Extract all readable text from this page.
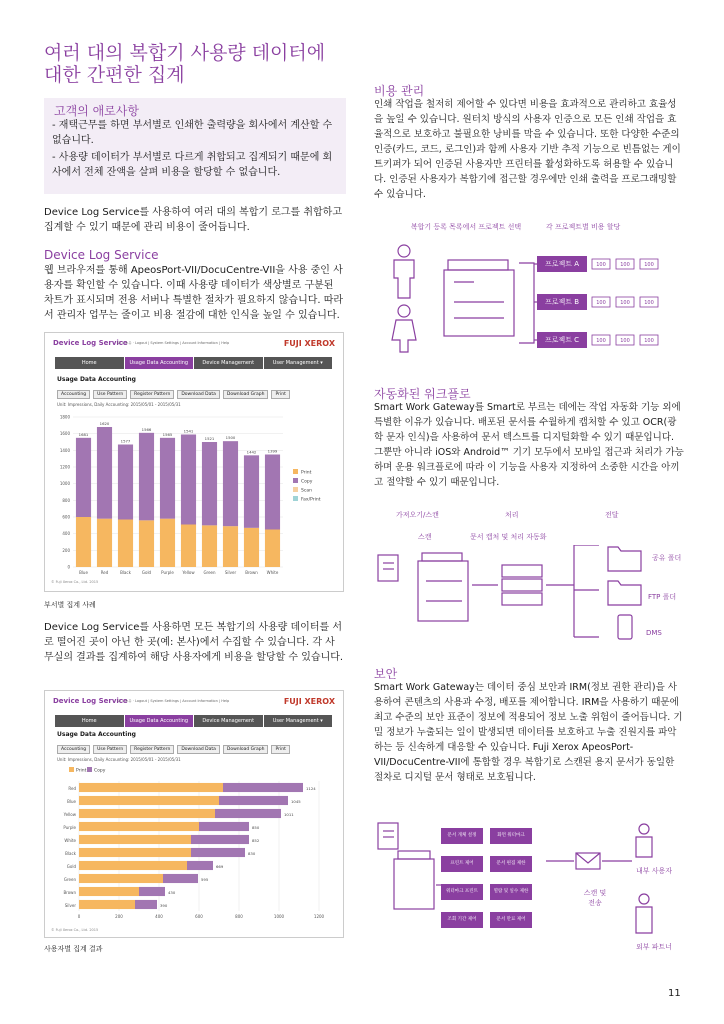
여러 대의 복합기 사용량 데이터에 대한 간편한 집계
고객의 애로사항
- 재택근무를 하면 부서별로 인쇄한 출력량을 회사에서 계산할 수 없습니다.
- 사용량 데이터가 부서별로 다르게 취합되고 집계되기 때문에 회사에서 전체 잔액을 살펴 비용을 할당할 수 없습니다.
Device Log Service를 사용하여 여러 대의 복합기 로그를 취합하고 집계할 수 있기 때문에 관리 비용이 줄어듭니다.
Device Log Service
웹 브라우저를 통해 ApeosPort-VII/DocuCentre-VII을 사용 중인 사용자를 확인할 수 있습니다. 이때 사용량 데이터가 색상별로 구분된 차트가 표시되며 전용 서버나 특별한 절차가 필요하지 않습니다. 따라서 관리자 업무는 줄이고 비용 절감에 대한 인식을 높일 수 있습니다.
Device Log Service
로그 소유 · Logout | System Settings | Account Information | Help	FUJI XEROX
Home	Usage Data Accounting	Device Management	User Management ▾
Usage Data Accounting
Accounting	Use Pattern	Register Pattern	Download Data	Download Graph	Print
Unit: Impressions, Daily Accounting: 2015/05/01 - 2015/05/31
0
200
400
600
800
1000
1200
1400
1600
1800
1681
Blue
1620
Red
1577
Black
1566
Gold
1565
Purple
1541
Yellow
1521
Green
1500
Silver
1442
Brown
1399
White
Print
Copy
Scan
Fax/Print
© Fuji Xerox Co., Ltd. 2015
부서별 집계 사례
Device Log Service를 사용하면 모든 복합기의 사용량 데이터를 서로 떨어진 곳이 아닌 한 곳(예: 본사)에서 수집할 수 있습니다. 각 사무실의 결과를 집계하여 해당 사용자에게 비용을 할당할 수 있습니다.
Device Log Service
로그 소유 · Logout | System Settings | Account Information | Help	FUJI XEROX
Home	Usage Data Accounting	Device Management	User Management ▾
Usage Data Accounting
Accounting	Use Pattern	Register Pattern	Download Data	Download Graph	Print
Unit: Impressions, Daily Accounting: 2015/05/01 - 2015/05/31
Print Copy
0	200	400	600	800	1000	1200
1124
Red
1045
Blue
1011
Yellow
850
Purple
852
White
830
Black
669
Gold
595
Green
430
Brown
390
Silver
© Fuji Xerox Co., Ltd. 2015
사용자별 집계 결과
비용 관리
인쇄 작업을 철저히 제어할 수 있다면 비용을 효과적으로 관리하고 효율성을 높일 수 있습니다. 원터치 방식의 사용자 인증으로 모든 인쇄 작업을 효율적으로 보호하고 불필요한 낭비를 막을 수 있습니다. 또한 다양한 수준의 인증(카드, 코드, 로그인)과 함께 사용자 기반 추적 기능으로 빈틈없는 게이트키퍼가 되어 인증된 사용자만 프린터를 활성화하도록 허용할 수 있습니다. 인증된 사용자가 복합기에 접근할 경우에만 인쇄 출력을 프로그래밍할 수 있습니다.
100	100	100
100	100	100
100	100	100
복합기 등록 목록에서 프로젝트 선택	각 프로젝트별 비용 할당
프로젝트 A
프로젝트 B
프로젝트 C
자동화된 워크플로
Smart Work Gateway를 Smart로 부르는 데에는 작업 자동화 기능 외에 특별한 이유가 있습니다. 배포된 문서를 수월하게 캡처할 수 있고 OCR(광학 문자 인식)을 사용하여 문서 텍스트를 디지털화할 수 있기 때문입니다. 그뿐만 아니라 iOS와 Android™ 기기 모두에서 모바일 접근과 처리가 가능하며 운용 워크플로에 따라 이 기능을 사용자 지정하여 소중한 시간을 아끼고 절약할 수 있기 때문입니다.
가져오기/스캔	처리	전달
스캔	문서 캡처 및 처리 자동화
공유 폴더
FTP 폴더
DMS
보안
Smart Work Gateway는 데이터 중심 보안과 IRM(정보 권한 관리)을 사용하여 콘텐츠의 사용과 수정, 배포를 제어합니다. IRM을 사용하기 때문에 최고 수준의 보안 표준이 정보에 적용되어 정보 노출 위험이 줄어듭니다. 기밀 정보가 누출되는 일이 발생되면 데이터를 보호하고 누출 진원지를 파악하는 등 신속하게 대응할 수 있습니다. Fuji Xerox ApeosPort-VII/DocuCentre-VII에 통합할 경우 복합기로 스캔된 용지 문서가 동일한 절차로 디지털 문서 형태로 보호됩니다.
문서 개체 설정	화면 워터마크
프린트 제어	문서 편집 제한
워터마크 프린트	열람 및 일수 제한
조회 기간 제어	문서 만료 제어
스캔 및 전송
내부 사용자
외부 파트너
11
